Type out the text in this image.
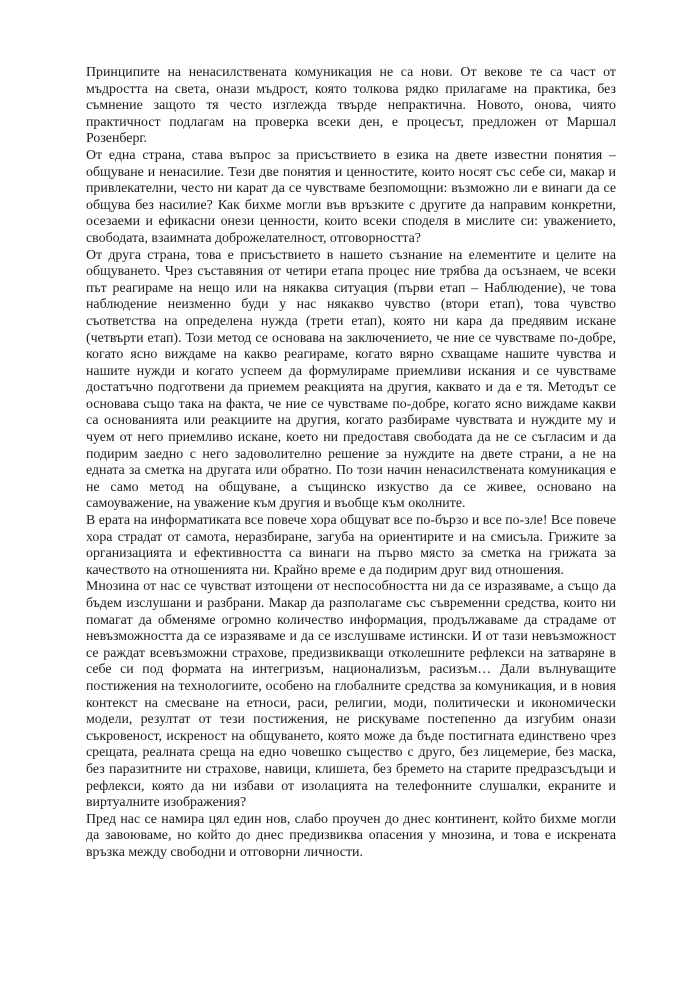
Принципите на ненасилствената комуникация не са нови. От векове те са част от мъдростта на света, онази мъдрост, която толкова рядко прилагаме на практика, без съмнение защото тя често изглежда твърде непрактична. Новото, онова, чиято практичност подлагам на проверка всеки ден, е процесът, предложен от Маршал Розенберг.

От една страна, става въпрос за присъствието в езика на двете известни понятия – общуване и ненасилие. Тези две понятия и ценностите, които носят със себе си, макар и привлекателни, често ни карат да се чувстваме безпомощни: възможно ли е винаги да се общува без насилие? Как бихме могли във връзките с другите да направим конкретни, осезаеми и ефикасни онези ценности, които всеки споделя в мислите си: уважението, свободата, взаимната доброжелателност, отговорността?

От друга страна, това е присъствието в нашето съзнание на елементите и целите на общуването. Чрез съставяния от четири етапа процес ние трябва да осъзнаем, че всеки път реагираме на нещо или на някаква ситуация (първи етап – Наблюдение), че това наблюдение неизменно буди у нас някакво чувство (втори етап), това чувство съответства на определена нужда (трети етап), която ни кара да предявим искане (четвърти етап). Този метод се основава на заключението, че ние се чувстваме по-добре, когато ясно виждаме на какво реагираме, когато вярно схващаме нашите чувства и нашите нужди и когато успеем да формулираме приемливи искания и се чувстваме достатъчно подготвени да приемем реакцията на другия, каквато и да е тя. Методът се основава също така на факта, че ние се чувстваме по-добре, когато ясно виждаме какви са основанията или реакциите на другия, когато разбираме чувствата и нуждите му и чуем от него приемливо искане, което ни предоставя свободата да не се съгласим и да подирим заедно с него задоволително решение за нуждите на двете страни, а не на едната за сметка на другата или обратно. По този начин ненасилствената комуникация е не само метод на общуване, а същинско изкуство да се живее, основано на самоуважение, на уважение към другия и въобще към околните.

В ерата на информатиката все повече хора общуват все по-бързо и все по-зле! Все повече хора страдат от самота, неразбиране, загуба на ориентирите и на смисъла. Грижите за организацията и ефективността са винаги на първо място за сметка на грижата за качеството на отношенията ни. Крайно време е да подирим друг вид отношения.

Мнозина от нас се чувстват изтощени от неспособността ни да се изразяваме, а също да бъдем изслушани и разбрани. Макар да разполагаме със съвременни средства, които ни помагат да обменяме огромно количество информация, продължаваме да страдаме от невъзможността да се изразяваме и да се изслушваме истински. И от тази невъзможност се раждат всевъзможни страхове, предизвикващи отколешните рефлекси на затваряне в себе си под формата на интегризъм, национализъм, расизъм… Дали вълнуващите постижения на технологиите, особено на глобалните средства за комуникация, и в новия контекст на смесване на етноси, раси, религии, моди, политически и икономически модели, резултат от тези постижения, не рискуваме постепенно да изгубим онази съкровеност, искреност на общуването, която може да бъде постигната единствено чрез срещата, реалната среща на едно човешко същество с друго, без лицемерие, без маска, без паразитните ни страхове, навици, клишета, без бремето на старите предразсъдъци и рефлекси, която да ни избави от изолацията на телефонните слушалки, екраните и виртуалните изображения?

Пред нас се намира цял един нов, слабо проучен до днес континент, който бихме могли да завоюваме, но който до днес предизвиква опасения у мнозина, и това е искрената връзка между свободни и отговорни личности.
